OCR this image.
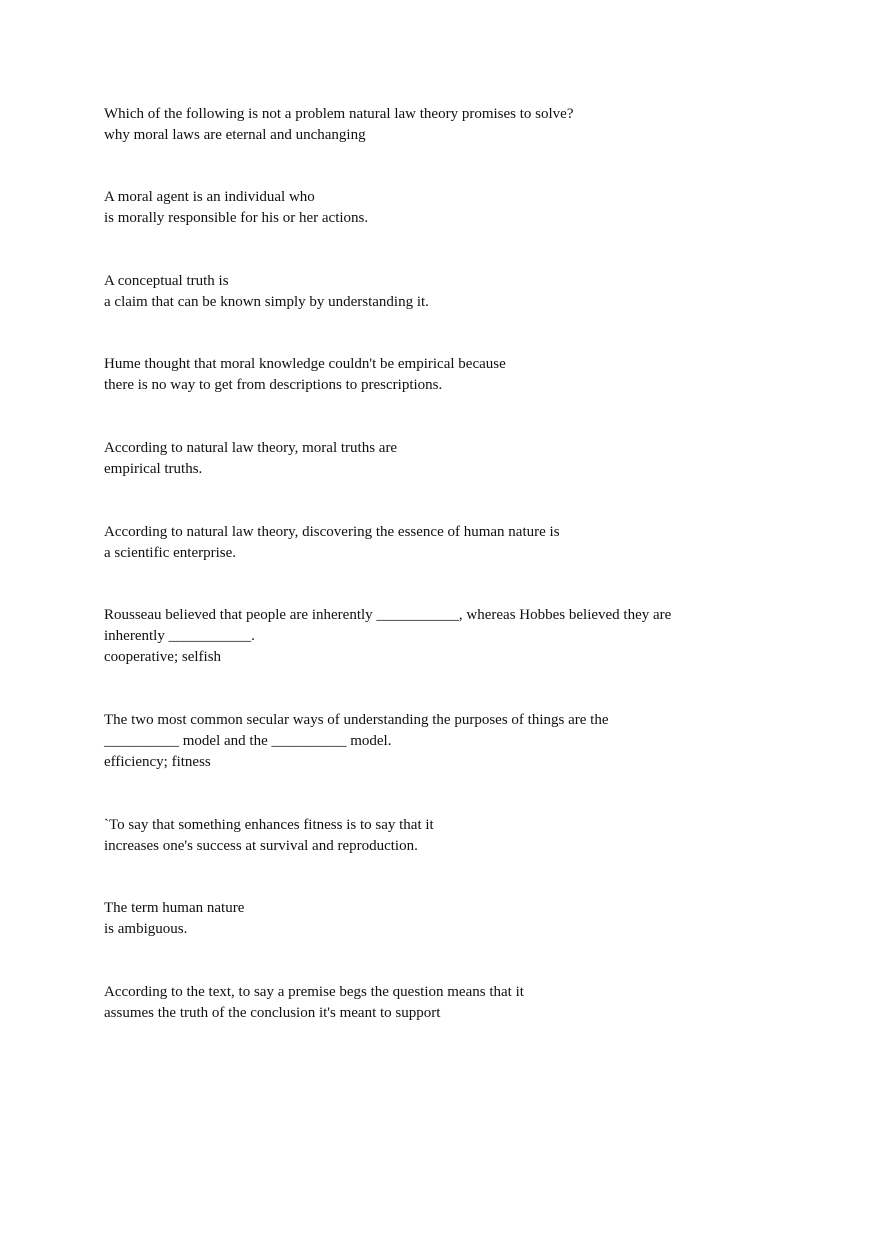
Which of the following is not a problem natural law theory promises to solve?

why moral laws are eternal and unchanging

A moral agent is an individual who

is morally responsible for his or her actions.

A conceptual truth is

a claim that can be known simply by understanding it.

Hume thought that moral knowledge couldn't be empirical because

there is no way to get from descriptions to prescriptions.

According to natural law theory, moral truths are

empirical truths.

According to natural law theory, discovering the essence of human nature is

a scientific enterprise.

Rousseau believed that people are inherently ___________, whereas Hobbes believed they are

inherently ___________.

cooperative; selfish

The two most common secular ways of understanding the purposes of things are the

__________ model and the __________ model.

efficiency; fitness

`To say that something enhances fitness is to say that it

increases one's success at survival and reproduction.

The term human nature

is ambiguous.

According to the text, to say a premise begs the question means that it

assumes the truth of the conclusion it's meant to support
